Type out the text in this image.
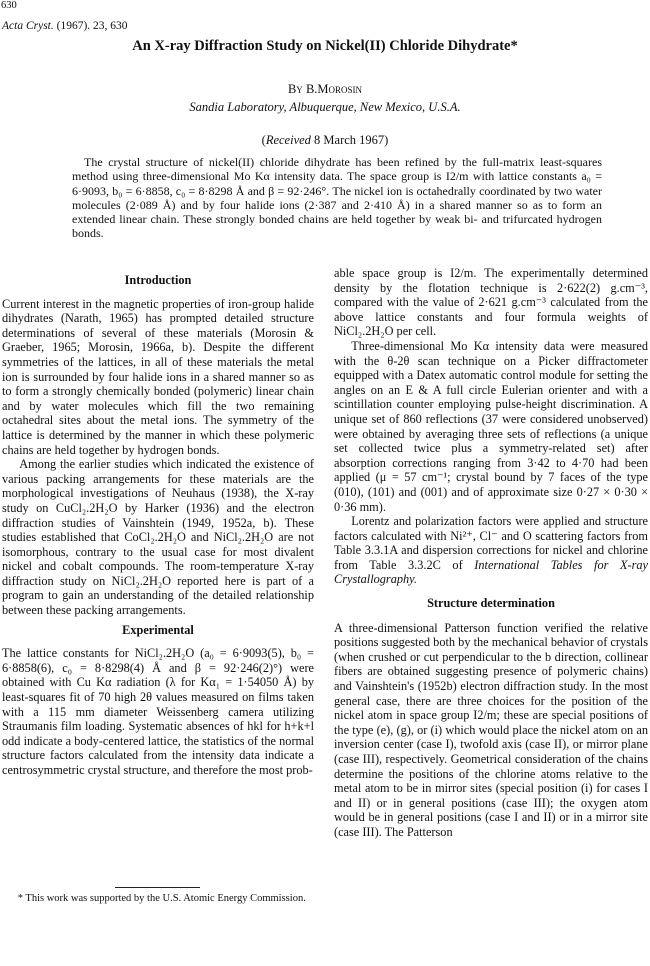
630
Acta Cryst. (1967). 23, 630
An X-ray Diffraction Study on Nickel(II) Chloride Dihydrate*
By B.Morosin
Sandia Laboratory, Albuquerque, New Mexico, U.S.A.
(Received 8 March 1967)
The crystal structure of nickel(II) chloride dihydrate has been refined by the full-matrix least-squares method using three-dimensional Mo Kα intensity data. The space group is I2/m with lattice constants a₀ = 6·9093, b₀ = 6·8858, c₀ = 8·8298 Å and β = 92·246°. The nickel ion is octahedrally coordinated by two water molecules (2·089 Å) and by four halide ions (2·387 and 2·410 Å) in a shared manner so as to form an extended linear chain. These strongly bonded chains are held together by weak bi- and trifurcated hydrogen bonds.
Introduction

Current interest in the magnetic properties of iron-group halide dihydrates (Narath, 1965) has prompted detailed structure determinations of several of these materials (Morosin & Graeber, 1965; Morosin, 1966a, b). Despite the different symmetries of the lattices, in all of these materials the metal ion is surrounded by four halide ions in a shared manner so as to form a strongly chemically bonded (polymeric) linear chain and by water molecules which fill the two remaining octahedral sites about the metal ions. The symmetry of the lattice is determined by the manner in which these polymeric chains are held together by hydrogen bonds.

Among the earlier studies which indicated the existence of various packing arrangements for these materials are the morphological investigations of Neuhaus (1938), the X-ray study on CuCl₂.2H₂O by Harker (1936) and the electron diffraction studies of Vainshtein (1949, 1952a, b). These studies established that CoCl₂.2H₂O and NiCl₂.2H₂O are not isomorphous, contrary to the usual case for most divalent nickel and cobalt compounds. The room-temperature X-ray diffraction study on NiCl₂.2H₂O reported here is part of a program to gain an understanding of the detailed relationship between these packing arrangements.

Experimental

The lattice constants for NiCl₂.2H₂O (a₀ = 6·9093(5), b₀ = 6·8858(6), c₀ = 8·8298(4) Å and β = 92·246(2)°) were obtained with Cu Kα radiation (λ for Kα₁ = 1·54050 Å) by least-squares fit of 70 high 2θ values measured on films taken with a 115 mm diameter Weissenberg camera utilizing Straumanis film loading. Systematic absences of hkl for h+k+l odd indicate a body-centered lattice, the statistics of the normal structure factors calculated from the intensity data indicate a centrosymmetric crystal structure, and therefore the most prob-

* This work was supported by the U.S. Atomic Energy Commission.

able space group is I2/m. The experimentally determined density by the flotation technique is 2·622(2) g.cm⁻³, compared with the value of 2·621 g.cm⁻³ calculated from the above lattice constants and four formula weights of NiCl₂.2H₂O per cell.

Three-dimensional Mo Kα intensity data were measured with the θ-2θ scan technique on a Picker diffractometer equipped with a Datex automatic control module for setting the angles on an E & A full circle Eulerian orienter and with a scintillation counter employing pulse-height discrimination. A unique set of 860 reflections (37 were considered unobserved) were obtained by averaging three sets of reflections (a unique set collected twice plus a symmetry-related set) after absorption corrections ranging from 3·42 to 4·70 had been applied (μ = 57 cm⁻¹; crystal bound by 7 faces of the type (010), (101) and (001) and of approximate size 0·27 × 0·30 × 0·36 mm).

Lorentz and polarization factors were applied and structure factors calculated with Ni²⁺, Cl⁻ and O scattering factors from Table 3.3.1A and dispersion corrections for nickel and chlorine from Table 3.3.2C of International Tables for X-ray Crystallography.

Structure determination

A three-dimensional Patterson function verified the relative positions suggested both by the mechanical behavior of crystals (when crushed or cut perpendicular to the b direction, collinear fibers are obtained suggesting presence of polymeric chains) and Vainshtein's (1952b) electron diffraction study. In the most general case, there are three choices for the position of the nickel atom in space group I2/m; these are special positions of the type (e), (g), or (i) which would place the nickel atom on an inversion center (case I), twofold axis (case II), or mirror plane (case III), respectively. Geometrical consideration of the chains determine the positions of the chlorine atoms relative to the metal atom to be in mirror sites (special position (i) for cases I and II) or in general positions (case III); the oxygen atom would be in general positions (case I and II) or in a mirror site (case III). The Patterson
